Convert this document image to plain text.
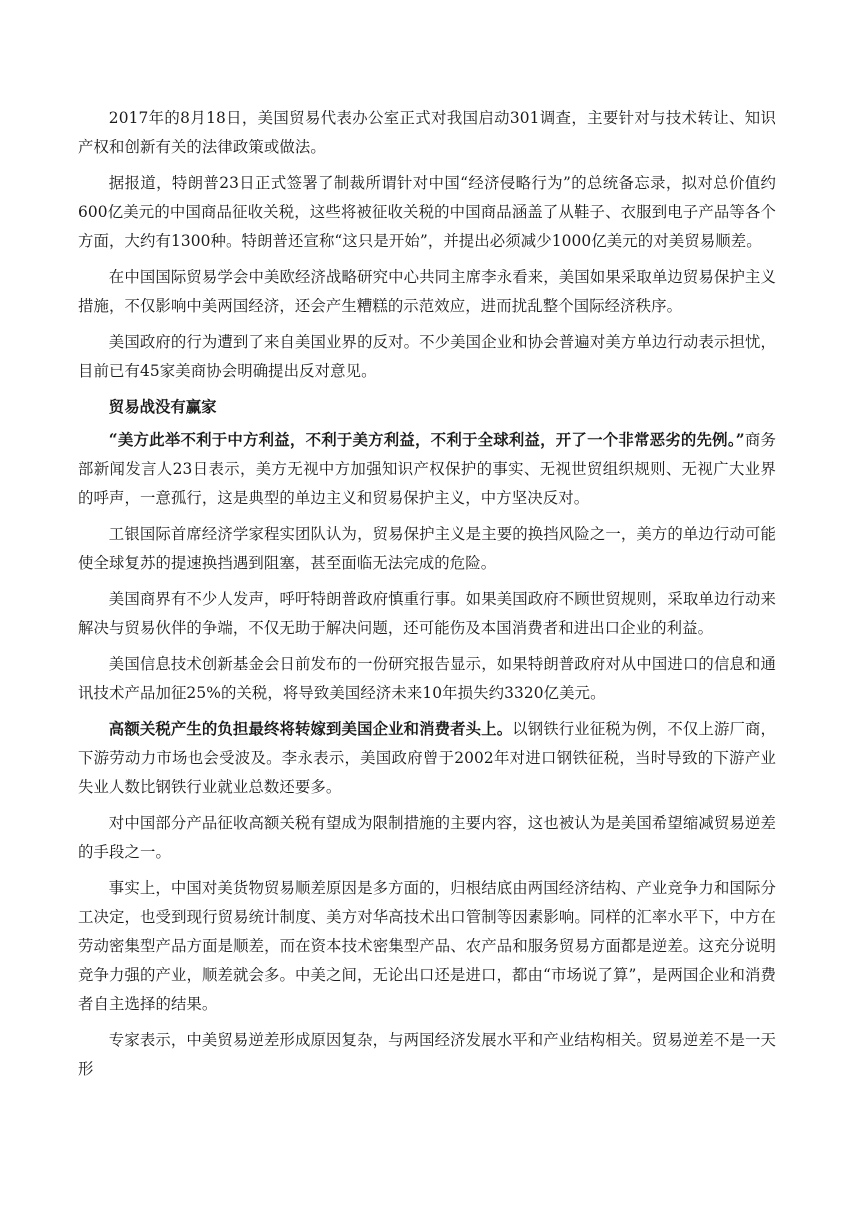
2017年的8月18日，美国贸易代表办公室正式对我国启动301调查，主要针对与技术转让、知识产权和创新有关的法律政策或做法。

据报道，特朗普23日正式签署了制裁所谓针对中国“经济侵略行为”的总统备忘录，拟对总价值约600亿美元的中国商品征收关税，这些将被征收关税的中国商品涵盖了从鞋子、衣服到电子产品等各个方面，大约有1300种。特朗普还宣称“这只是开始”，并提出必须减少1000亿美元的对美贸易顺差。

在中国国际贸易学会中美欧经济战略研究中心共同主席李永看来，美国如果采取单边贸易保护主义措施，不仅影响中美两国经济，还会产生糟糕的示范效应，进而扰乱整个国际经济秩序。

美国政府的行为遭到了来自美国业界的反对。不少美国企业和协会普遍对美方单边行动表示担忧，目前已有45家美商协会明确提出反对意见。

贸易战没有赢家

“美方此举不利于中方利益，不利于美方利益，不利于全球利益，开了一个非常恶劣的先例。”商务部新闻发言人23日表示，美方无视中方加强知识产权保护的事实、无视世贸组织规则、无视广大业界的呼声，一意孤行，这是典型的单边主义和贸易保护主义，中方坚决反对。

工银国际首席经济学家程实团队认为，贸易保护主义是主要的换挡风险之一，美方的单边行动可能使全球复苏的提速换挡遇到阻塞，甚至面临无法完成的危险。

美国商界有不少人发声，呼吁特朗普政府慎重行事。如果美国政府不顾世贸规则，采取单边行动来解决与贸易伙伴的争端，不仅无助于解决问题，还可能伤及本国消费者和进出口企业的利益。

美国信息技术创新基金会日前发布的一份研究报告显示，如果特朗普政府对从中国进口的信息和通讯技术产品加征25%的关税，将导致美国经济未来10年损失约3320亿美元。

高额关税产生的负担最终将转嫁到美国企业和消费者头上。以钢铁行业征税为例，不仅上游厂商，下游劳动力市场也会受波及。李永表示，美国政府曾于2002年对进口钢铁征税，当时导致的下游产业失业人数比钢铁行业就业总数还要多。

对中国部分产品征收高额关税有望成为限制措施的主要内容，这也被认为是美国希望缩减贸易逆差的手段之一。

事实上，中国对美货物贸易顺差原因是多方面的，归根结底由两国经济结构、产业竞争力和国际分工决定，也受到现行贸易统计制度、美方对华高技术出口管制等因素影响。同样的汇率水平下，中方在劳动密集型产品方面是顺差，而在资本技术密集型产品、农产品和服务贸易方面都是逆差。这充分说明竞争力强的产业，顺差就会多。中美之间，无论出口还是进口，都由“市场说了算”，是两国企业和消费者自主选择的结果。

专家表示，中美贸易逆差形成原因复杂，与两国经济发展水平和产业结构相关。贸易逆差不是一天形
